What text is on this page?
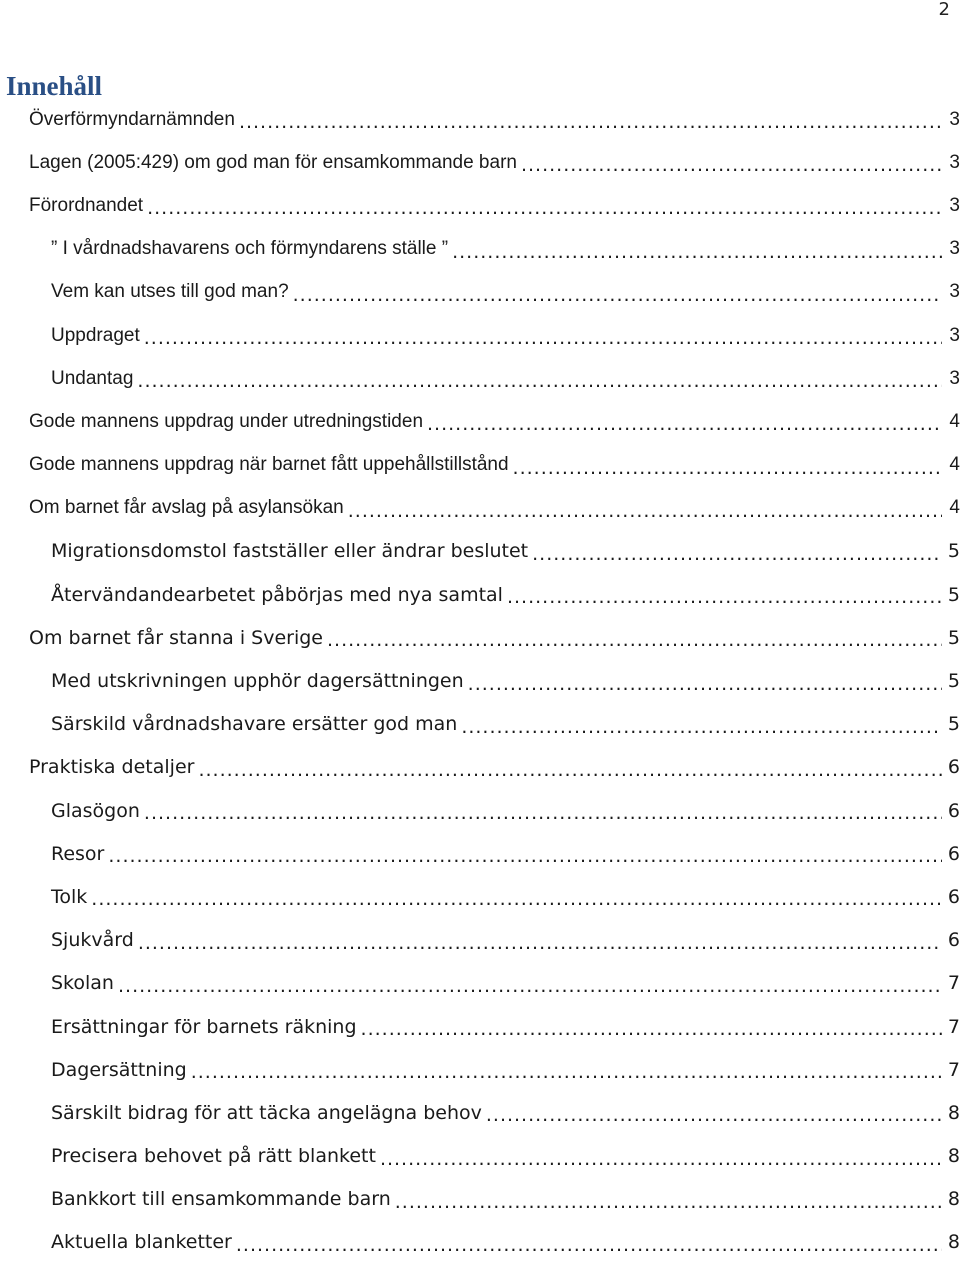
2
Innehåll
Överförmyndarnämnden .....	3
Lagen (2005:429) om god man för ensamkommande barn .....	3
Förordnandet .....	3
” I vårdnadshavarens och förmyndarens ställe ” .....	3
Vem kan utses till god man? .....	3
Uppdraget .....	3
Undantag .....	3
Gode mannens uppdrag under utredningstiden .....	4
Gode mannens uppdrag när barnet fått uppehållstillstånd .....	4
Om barnet får avslag på asylansökan .....	4
Migrationsdomstol fastställer eller ändrar beslutet .....	5
Återvändandearbetet påbörjas med nya samtal .....	5
Om barnet får stanna i Sverige .....	5
Med utskrivningen upphör dagersättningen .....	5
Särskild vårdnadshavare ersätter god man .....	5
Praktiska detaljer .....	6
Glasögon .....	6
Resor .....	6
Tolk .....	6
Sjukvård .....	6
Skolan .....	7
Ersättningar för barnets räkning .....	7
Dagersättning .....	7
Särskilt bidrag för att täcka angelägna behov .....	8
Precisera behovet på rätt blankett .....	8
Bankkort till ensamkommande barn .....	8
Aktuella blanketter .....	8
